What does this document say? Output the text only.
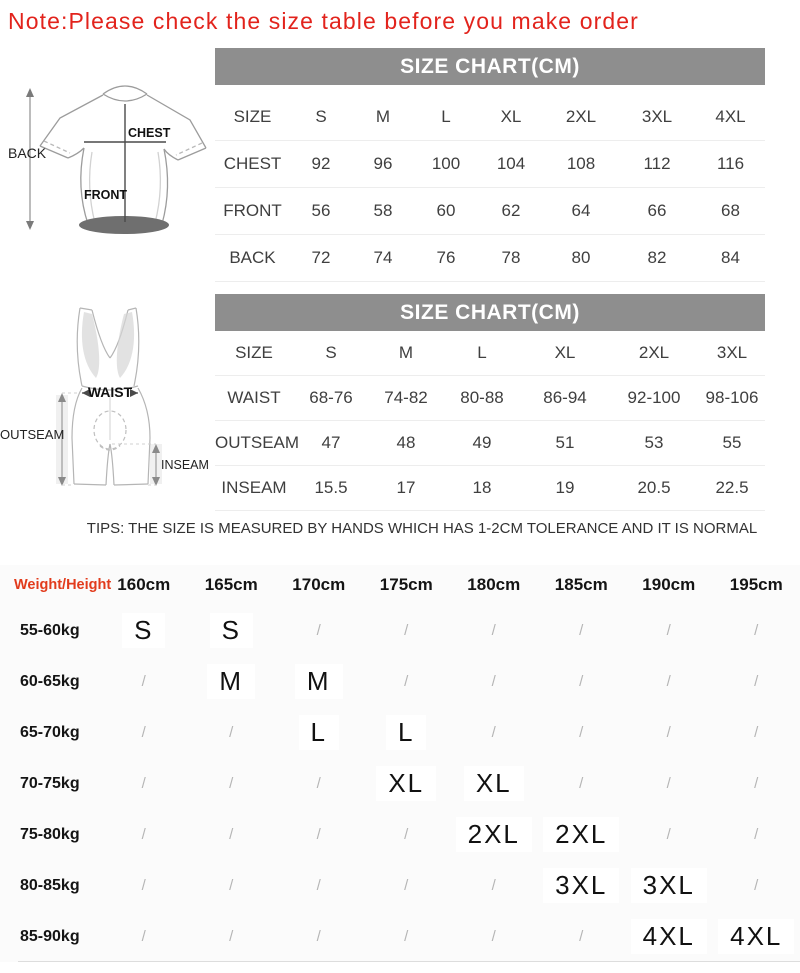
Note:Please check the size table before you make order
BACK
CHEST
FRONT
SIZE CHART(CM)
SIZE	S	M	L	XL	2XL	3XL	4XL
CHEST	92	96	100	104	108	112	116
FRONT	56	58	60	62	64	66	68
BACK	72	74	76	78	80	82	84
WAIST
OUTSEAM
INSEAM
SIZE CHART(CM)
SIZE	S	M	L	XL	2XL	3XL
WAIST	68-76	74-82	80-88	86-94	92-100	98-106
OUTSEAM	47	48	49	51	53	55
INSEAM	15.5	17	18	19	20.5	22.5
TIPS: THE SIZE IS MEASURED BY HANDS WHICH HAS 1-2CM TOLERANCE AND IT IS NORMAL
Weight/Height 160cm	165cm	170cm	175cm	180cm	185cm	190cm	195cm
55-60kg	S	S	/	/	/	/	/	/
60-65kg	/	M	M	/	/	/	/	/
65-70kg	/	/	L	L	/	/	/	/
70-75kg	/	/	/	XL	XL	/	/	/
75-80kg	/	/	/	/	2XL	2XL	/	/
80-85kg	/	/	/	/	/	3XL	3XL	/
85-90kg	/	/	/	/	/	/	4XL	4XL
